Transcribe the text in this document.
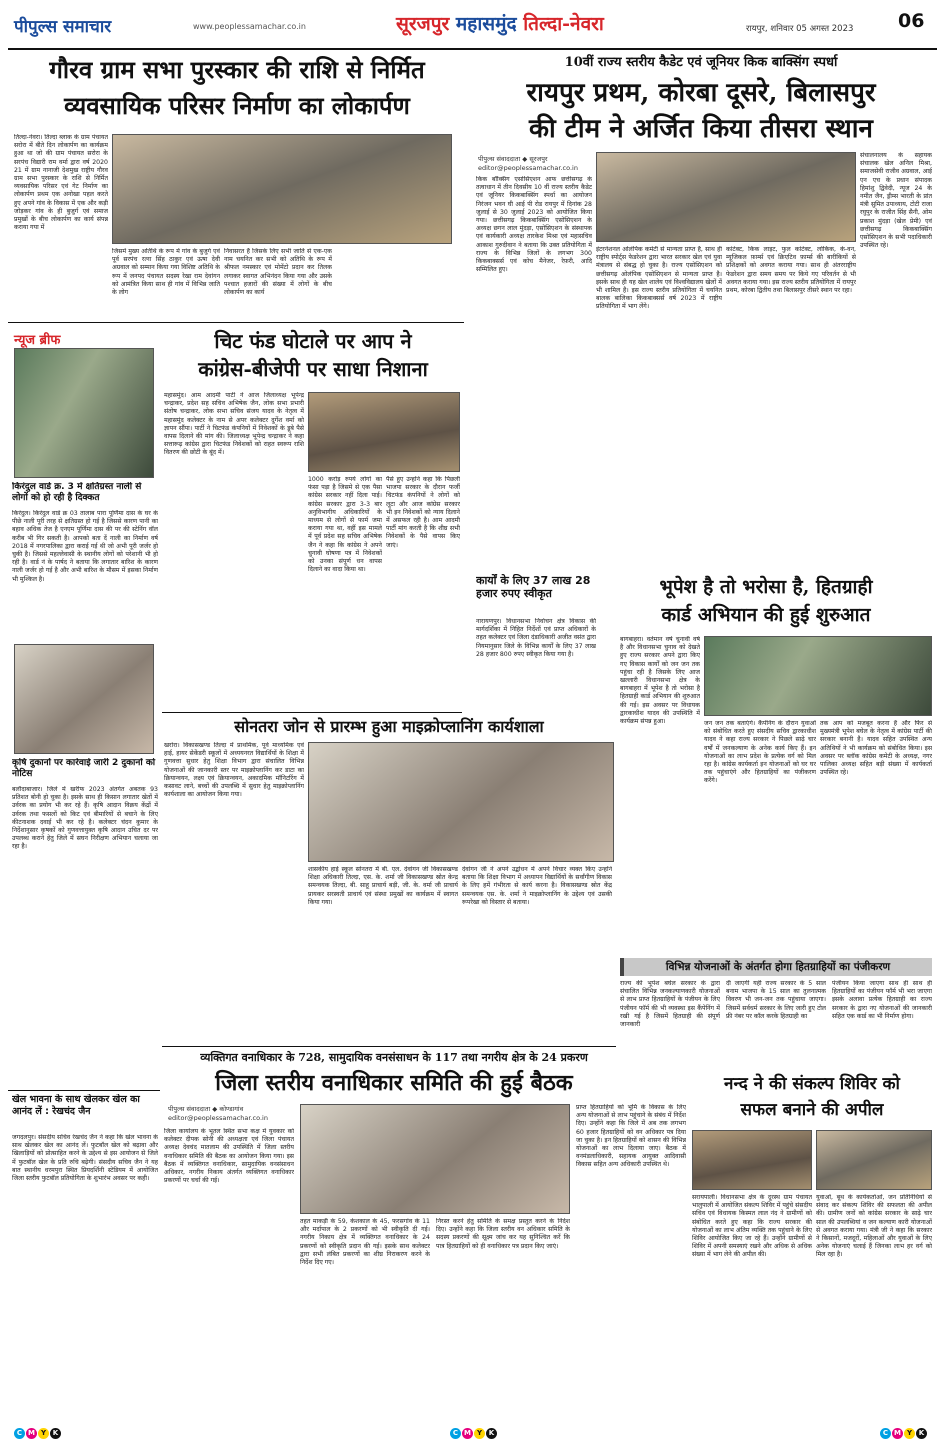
पीपुल्स समाचार	www.peoplessamachar.co.in	सूरजपुर महासमुंद तिल्दा-नेवरा	रायपुर, शनिवार 05 अगस्त 2023 06
गौरव ग्राम सभा पुरस्कार की राशि से निर्मित
व्यवसायिक परिसर निर्माण का लोकार्पण
तिल्दा-नेवरा। तिल्दा ब्लाक के ग्राम पंचायत सरोरा में बीते दिन लोकार्पण का कार्यक्रम हुआ था जो की ग्राम पंचायत सरोरा के सरपंच विद्यारी राम वर्मा द्वारा वर्ष 2020 21 में ग्राम नानाजी देशमुख राष्ट्रीय गौरव ग्राम सभा पुरस्कार के राशि से निर्मित व्यवसायिक परिसर एवं गेट निर्माण का लोकार्पण प्रथम एक अनोखा पहल करते हुए अपने गांव के विकास में एक और कड़ी जोड़कर गांव के ही बुजुर्ग एवं समाज प्रमुखों के बीच लोकार्पण का कार्य संपन्न कराया गया में
जिसमें मुख्य अतिथि के रूप में गांव के बुजुर्ग एवं पूर्व सरपंच रत्ना सिंह ठाकुर एवं ऊषा देवी अग्रवाल को सम्मान किया गया विशिष्ट अतिथि के रूप में जनपद पंचायत सदस्य रेखा राम देवांगन को आमंत्रित किया साथ ही गांव में विभिन्न जाति के लोग
निवासरत हैं जिसके लिए सभी जाति से एक-एक नाम चयनित कर सभी को अतिथि के रूप में श्रीफल नमस्कार एवं मोमेंटो प्रदान कर तिलक लगाकर स्वागत अभिनंदन किया गया और उसके पश्चात हजारों की संख्या में लोगों के बीच लोकार्पण का कार्य
न्यूज ब्रीफ
किरंदुल वार्ड क्र. 3 में क्षतिग्रस्त नाली से लोगों को हो रही है दिक्कत
किरंदुल। किरंदुल वार्ड क्र 03 तालाब पारा पूर्णिमा दास के घर के पीछे नाली पूरी तरह से क्षतिग्रस्त हो गई है जिससे कारण पानी का बहाव अधिक तेज है एनएम पूर्णिमा दास की पर की स्टेनिंग वॉल करीब भी गिर सकती है। आपको बता दें नाली का निर्माण वर्ष 2018 में नगरपालिका द्वारा कराई गई थी जो अभी पूरी जर्जर हो चुकी है। जिससे महल्लेवासी के स्थानीय लोगों को परेशानी भी हो रही है। वार्ड नं के पार्षद ने बताया कि लगातार बारिश के कारण नाली जर्जर हो गई है और अभी बारिश के मौसम में इसका निर्माण भी मुश्किल है।
कृषि दुकानों पर कार्रवाई जारी 2 दुकानों को नोटिस
बलौदाबाजार। जिले में खरीफ 2023 अंतर्गत अबतक 93 प्रतिशत बोनी हो चुका है। इसके साथ ही किसान लगातार खेतों में उर्वरक का प्रयोग भी कर रहे हैं। कृषि आदान विक्रय केंद्रों में उर्वरक तथा फसलों को किट एवं बीमारियों से बचाने के लिए कीटनाशक दवाई भी कर रहे है। कलेक्टर चंदन कुमार के निर्देशानुसार कृषकों को गुणवत्तायुक्त कृषि आदान उचित दर पर उपलब्ध कराने हेतु जिले में सघन निरीक्षण अभियान चलाया जा रहा है।
खेल भावना के साथ खेलकर खेल का आनंद लें : रेखचंद जैन
जगदलपुर। संसदीय सचिव रेखचंद जैन ने कहा कि खेल भावना के साथ खेलकर खेल का आनंद लें। फुटबॉल खेल को बढ़ावा और खिलाड़ियों को प्रोत्साहित करने के उद्देश्य से इस आयोजन से जिले में फुटबॉल खेल के प्रति रुचि बढ़ेगी। संसदीय सचिव जैन ने यह बात स्थानीय धरमपुरा स्थित प्रियदर्शिनी स्टेडियम में आयोजित जिला स्तरीय फुटबॉल प्रतियोगिता के शुभारंभ अवसर पर कही।
चिट फंड घोटाले पर आप ने
कांग्रेस-बीजेपी पर साधा निशाना
महासमुंद। आम आदमी पार्टी ने आज जिलाध्यक्ष भूपेन्द्र चन्द्राकर, प्रदेश सह सचिव अभिषेक जैन, लोक सभा प्रभारी संतोष चन्द्राकर, लोक सभा सचिव संजय यादव के नेतृत्व में महासमुंद कलेक्टर के नाम से अपर कलेक्टर दुर्गेश वर्मा को ज्ञापन सौंपा। पार्टी ने चिटफंड कंपनियों में निवेशकों के डूबे पैसे वापस दिलाने की मांग की। जिलाध्यक्ष भूपेन्द्र चन्द्राकर ने कहा सत्तारूढ़ कांग्रेस द्वारा चिटफंड निवेशकों को राहत स्वरूप राशि वितरण की छोटी के बूंद में।
1000 करोड़ रुपये लोगों का फंसा पड़ा है जिसमे से एक पैसा कांग्रेस सरकार नहीं दिला पाई। कांग्रेस सरकार द्वारा 3-3 बार अनुविभागीय अधिकारियों के माध्यम से लोगों से फार्म जमा कराया गया था, वहीं इस मामले में पूर्व प्रदेश सह सचिव अभिषेक जैन ने कहा कि कांग्रेस ने अपने चुनावी घोषणा पत्र में निवेशकों को उनका संपूर्ण धन वापस दिलाने का वादा किया था।
पैसे हुए उन्होंने कहा कि पिछली भाजपा सरकार के दौरान फर्जी चिटफंड कंपनियों ने लोगों को लूटा और आज कांग्रेस सरकार भी इन निवेशकों को न्याय दिलाने में असफल रही है। आम आदमी पार्टी मांग करती है कि शीघ्र सभी निवेशकों के पैसे वापस किए जाएं।
सोनतरा जोन से प्रारम्भ हुआ माइक्रोप्लानिंग कार्यशाला
खरोरा। विकासखण्ड तिल्दा में प्राथमिक, पूर्व माध्यमिक एवं हाई, हायर सेकेंडरी स्कूलों में अध्ययनरत विद्यार्थियों के शिक्षा में गुणवत्ता सुधार हेतु शिक्षा विभाग द्वारा संचालित विभिन्न योजनाओं की जानकारी स्तर पर माइक्रोप्लानिंग कर डाटा का क्रियान्वयन, लक्ष्य एवं क्रियान्वयन, अकादमिक मॉनिटरिंग में कसावट लाने, बच्चों की उपलब्धि में सुधार हेतु माइक्रोप्लानिंग कार्यशाला का आयोजन किया गया।
शासकीय हाई स्कूल सोनतरा में बी. एल. देवांगन जी विकासखण्ड शिक्षा अधिकारी तिल्दा, एस. के. शर्मा जी विकासखण्ड स्रोत केन्द्र समन्वयक तिल्दा, बी. साहू प्राचार्य बड़ी, जी. के. वर्मा जी प्राचार्य प्रायकर सरस्वती प्राचार्य एवं संस्था प्रमुखों का कार्यक्रम में स्वागत किया गया।
देवांगन जी ने अपने उद्बोधन में अपने विचार व्यक्त किए उन्होंने बताया कि शिक्षा विभाग में अध्यापन विद्यार्थियों के सर्वांगीण विकास के लिए हमें गंभीरता से कार्य करना है। विकासखण्ड स्रोत केंद्र समन्वयक एस. के. शर्मा ने माइक्रोप्लानिंग के उद्देश्य एवं उसकी रूपरेखा को विस्तार से बताया।
10वीं राज्य स्तरीय कैडेट एवं जूनियर किक बाक्सिंग स्पर्धा
रायपुर प्रथम, कोरबा दूसरे, बिलासपुर
की टीम ने अर्जित किया तीसरा स्थान
पीपुल्स संवाददाता ◆ सूरजपुर
editor@peoplessamachar.co.in
किक बॉक्सिंग एसोसिएशन आफ छत्तीसगढ़ के तत्वाधान में तीन दिवसीय 10 वीं राज्य स्तरीय कैडेट एवं जूनियर किकबाक्सिंग स्पर्धा का आयोजन निरंजन भवन घी आई पी रोड रायपुर में दिनांक 28 जुलाई से 30 जुलाई 2023 को आयोजित किया गया। छत्तीसगढ़ किकबाक्सिंग एसोसिएशन के अध्यक्ष छगन लाल मुंदड़ा, एसोसिएशन के संस्थापक एवं कार्यकारी अध्यक्ष तारकेश मिश्रा एवं महासचिव आकाश गुरुदीवान ने बताया कि उक्त प्रतियोगिता में राज्य के विभिन्न जिलों के लगभग 300 किकबाक्सर्स एवं कोच मैनेजर, रेफ़री, आदि सम्मिलित हुए।
इंटरनेशनल ओलंपिक कमेटी से मान्यता प्राप्त है, साथ ही राष्ट्रीय स्पोर्ट्स फेडरेशन द्वारा भारत सरकार खेल एवं युवा मंत्रालय से संबद्ध हो चुका है। राज्य एसोसिएशन को छत्तीसगढ़ ओलंपिक एसोसिएशन से मान्यता प्राप्त है। इसके साथ ही यह खेल शालेय एवं विश्वविद्यालय खेलों में भी शामिल है। इस राज्य स्तरीय प्रतियोगिता में चयनित बालक बालिका किकबाक्सर्स वर्ष 2023 में राष्ट्रीय प्रतियोगिता में भाग लेंगे।
कांटेक्ट, किक लाइट, फुल कांटेक्ट, लोकिक, के-वन, म्यूजिकल फ़ार्म्स एवं क्रिएटिव फ़ार्म्स की बारीकियों से प्रशिक्षकों को अवगत कराया गया। साथ ही अंतरराष्ट्रीय फेडरेशन द्वारा समय समय पर किये गए परिवर्तन से भी अवगत कराया गया। इस राज्य स्तरीय प्रतियोगिता में रायपुर प्रथम, कोरबा द्वितीय तथा बिलासपुर तीसरे स्थान पर रहा।
संचालनालय के सहायक संचालक खेल अनिल मिश्रा, समाजसेवी राजीव अग्रवाल, आई एन एच के प्रधान संपादक हिमांशु द्विवेदी, न्यूज 24 के नमीत जैन, ड्रीम्स भारती के प्रांत मंत्री सुमित उपाध्याय, टोटी राजा रघुपुर के राजीत सिंह सैनी, ओम प्रकाश मुंदड़ा (खेल प्रेमी) एवं छत्तीसगढ़ किकबाक्सिंग एसोसिएशन के सभी पदाधिकारी उपस्थित रहे।
कार्यों के लिए 37 लाख 28 हजार रुपए स्वीकृत
नारायणपुर। विधानसभा निर्वाचन क्षेत्र विकास की मार्गदर्शिका में निहित निर्देशों एवं प्राप्त अधिकारों के तहत कलेक्टर एवं जिला दंडाधिकारी अजीत वसंत द्वारा नियमानुसार जिले के विभिन्न कार्यों के लिए 37 लाख 28 हजार 800 रुपए स्वीकृत किया गया है।
भूपेश है तो भरोसा है, हितग्राही
कार्ड अभियान की हुई शुरुआत
बागबाहरा। वर्तमान वर्ष चुनावी वर्ष है और विधानसभा चुनाव को देखते हुए राज्य सरकार अपने द्वारा किए गए विकास कार्यों को जन जन तक पहुंचा रही है जिसके लिए आज खल्लारी विधानसभा क्षेत्र के बागबाहरा में भूपेश है तो भरोसा है हितग्राही कार्ड अभियान की शुरुआत की गई। इस अवसर पर विधायक द्वारकाधीश यादव की उपस्थिति में कार्यक्रम संपन्न हुआ।	जन जन तक बताएंगे। कैंपेनिंग के दौरान युवाओं को संबोधित करते हुए संसदीय सचिव द्वारकाधीश यादव ने कहा राज्य सरकार ने पिछले साढ़े चार वर्षों में जनकल्याण के अनेक कार्य किए हैं। इन योजनाओं का लाभ प्रदेश के प्रत्येक वर्ग को मिल रहा है। कांग्रेस कार्यकर्ता इन योजनाओं को घर घर तक पहुंचाएंगे और हितग्राहियों का पंजीकरण करेंगे।
तक आप को मजबूत करना है और फिर से मुख्यमंत्री भूपेश बघेल के नेतृत्व में कांग्रेस पार्टी की सरकार बनानी है। यादव सहित उपस्थित अन्य अतिथियों ने भी कार्यक्रम को संबोधित किया। इस अवसर पर ब्लॉक कांग्रेस कमेटी के अध्यक्ष, नगर पालिका अध्यक्ष सहित बड़ी संख्या में कार्यकर्ता उपस्थित रहे।
विभिन्न योजनाओं के अंतर्गत होगा हितग्राहियों का पंजीकरण
राज्य की भूपेश बघेल सरकार के द्वारा संचालित विभिन्न जनकल्याणकारी योजनाओं से लाभ प्राप्त हितग्राहियों के पंजीयन के लिए पंजीयन फॉर्म की भी व्यवस्था इस कैंपेनिंग में रखी गई है जिसमें हितग्राही की संपूर्ण जानकारी
दी जाएगी यही राज्य सरकार के 5 साल बनाम भाजपा के 15 साल का तुलनात्मक विवरण भी जन-जन तक पहुंचाया जाएगा। जिसमें सर्वधर्म सरकार के लिए जारी हुए टोल फ्री नंबर पर कॉल करके हितग्राही का
पंजीयन किया जाएगा साथ ही साथ ही हितग्राहियों का पंजीयन फॉर्म भी भरा जाएगा इसके अलावा प्रत्येक हितग्राही का राज्य सरकार के द्वारा नए योजनाओं की जानकारी सहित एक कार्ड का भी निर्माण होगा।
व्यक्तिगत वनाधिकार के 728, सामुदायिक वनसंसाधन के 117 तथा नगरीय क्षेत्र के 24 प्रकरण
जिला स्तरीय वनाधिकार समिति की हुई बैठक
पीपुल्स संवाददाता ◆ कोण्डागांव
editor@peoplessamachar.co.in
जिला कार्यालय के भूतल स्थित सभा कक्ष में युवकार को कलेक्टर दीपक सोनी की अध्यक्षता एवं जिला पंचायत अध्यक्ष देवचंद मातलाम की उपस्थिति में जिला स्तरीय वनाधिकार समिति की बैठक का आयोजन किया गया। इस बैठक में व्यक्तिगत वनाधिकार, सामुदायिक वनसंसाधन अधिकार, नगरीय निकाय अंतर्गत व्यक्तिगत वनाधिकार प्रकरणों पर चर्चा की गई।
तहत माकड़ी के 59, केशकाल के 45, फरसगांव के 11 और मर्दापाल के 2 प्रकरणों को भी स्वीकृति दी गई। नगरीय निकाय क्षेत्र में व्यक्तिगत वनाधिकार के 24 प्रकरणों को स्वीकृति प्रदान की गई। इसके साथ कलेक्टर द्वारा सभी लंबित प्रकरणों का शीघ्र निराकरण करने के निर्देश दिए गए।
निरस्त करने हेतु समिति के समक्ष प्रस्तुत करने के निर्देश दिए। उन्होंने कहा कि जिला स्तरीय वन अधिकार समिति के सदस्य प्रकरणों की सूक्ष्म जांच कर यह सुनिश्चित करें कि पात्र हितग्राहियों को ही वनाधिकार पत्र प्रदान किए जाएं।
प्राप्त हितग्राहियों को भूमि के विकास के लिए अन्य योजनाओं से लाभ पहुंचाने के संबंध में निर्देश दिए। उन्होंने कहा कि जिले में अब तक लगभग 60 हजार हितग्राहियों को वन अधिकार पत्र दिया जा चुका है। इन हितग्राहियों को शासन की विभिन्न योजनाओं का लाभ दिलाया जाए। बैठक में वनमंडलाधिकारी, सहायक आयुक्त आदिवासी विकास सहित अन्य अधिकारी उपस्थित थे।
नन्द ने की संकल्प शिविर को
सफल बनाने की अपील
सरायपाली। विधानसभा क्षेत्र के दूरस्थ ग्राम पंचायत भालुपाली में आयोजित संकल्प शिविर में पहुंचे संसदीय सचिव एवं विधायक किस्मत लाल नंद ने ग्रामीणों को संबोधित करते हुए कहा कि राज्य सरकार की योजनाओं का लाभ अंतिम व्यक्ति तक पहुंचाने के लिए शिविर आयोजित किए जा रहे हैं। उन्होंने ग्रामीणों से शिविर में अपनी समस्याएं रखने और अधिक से अधिक संख्या में भाग लेने की अपील की।
युवाओं, बूथ के कार्यकर्ताओं, जन प्रतिनिधियों से संवाद कर संकल्प शिविर की सफलता की अपील की। ग्रामीण जनों को कांग्रेस सरकार के साढ़े चार साल की उपलब्धियां व जन कल्याण कारी योजनाओं से अवगत कराया गया। मंत्री जी ने कहा कि सरकार ने किसानों, मजदूरों, महिलाओं और युवाओं के लिए अनेक योजनाएं चलाई हैं जिनका लाभ हर वर्ग को मिल रहा है।
C M Y K	C M Y K	C M Y K
